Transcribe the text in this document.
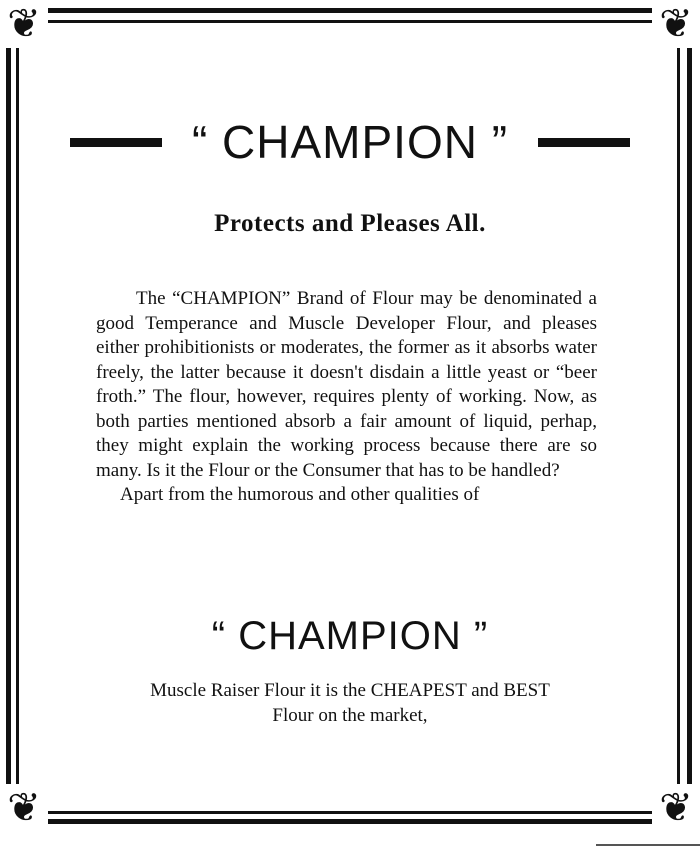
❦	❦
❦	❦
“ CHAMPION ”
Protects and Pleases All.

The “CHAMPION” Brand of Flour may be denominated a good Temperance and Muscle Developer Flour, and pleases either prohibitionists or moderates, the former as it absorbs water freely, the latter because it doesn't disdain a little yeast or “beer froth.” The flour, however, requires plenty of working. Now, as both parties mentioned absorb a fair amount of liquid, perhap, they might explain the working process because there are so many. Is it the Flour or the Consumer that has to be handled?

Apart from the humorous and other qualities of

“ CHAMPION ”
Muscle Raiser Flour it is the CHEAPEST and BEST
Flour on the market,
